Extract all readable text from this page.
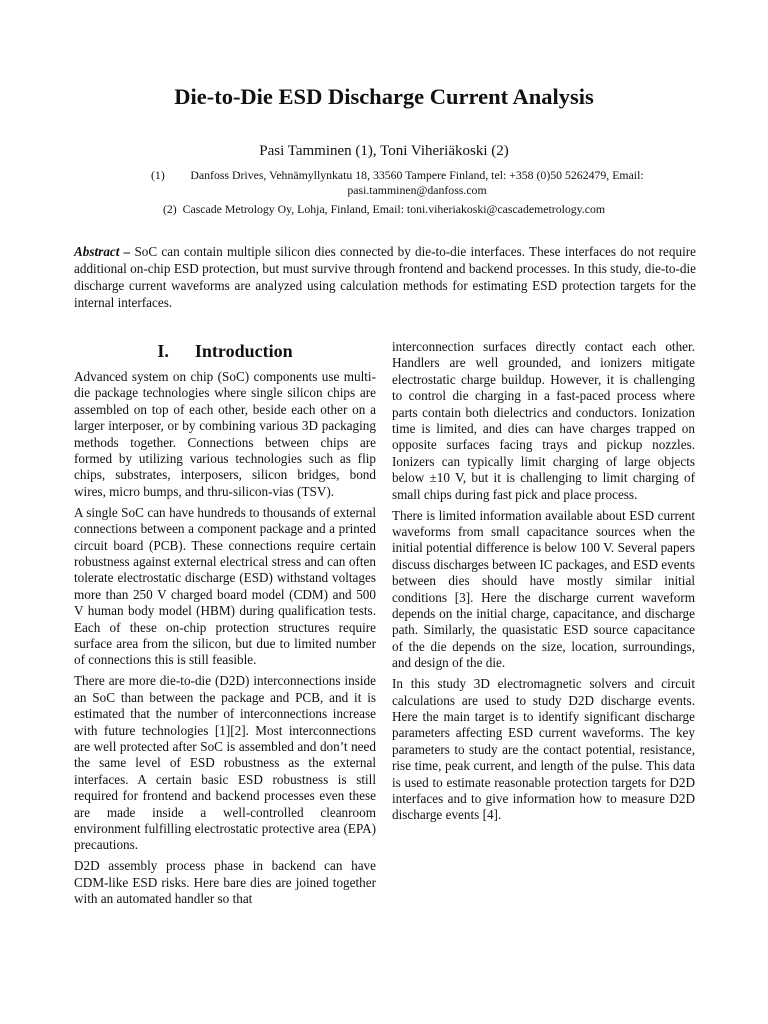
Die-to-Die ESD Discharge Current Analysis
Pasi Tamminen (1), Toni Viheriäkoski (2)
(1)	Danfoss Drives, Vehnämyllynkatu 18, 33560 Tampere Finland, tel: +358 (0)50 5262479, Email: pasi.tamminen@danfoss.com
(2) Cascade Metrology Oy, Lohja, Finland, Email: toni.viheriakoski@cascademetrology.com

Abstract – SoC can contain multiple silicon dies connected by die-to-die interfaces. These interfaces do not require additional on-chip ESD protection, but must survive through frontend and backend processes. In this study, die-to-die discharge current waveforms are analyzed using calculation methods for estimating ESD protection targets for the internal interfaces.

I. Introduction

Advanced system on chip (SoC) components use multi-die package technologies where single silicon chips are assembled on top of each other, beside each other on a larger interposer, or by combining various 3D packaging methods together. Connections between chips are formed by utilizing various technologies such as flip chips, substrates, interposers, silicon bridges, bond wires, micro bumps, and thru-silicon-vias (TSV).

A single SoC can have hundreds to thousands of external connections between a component package and a printed circuit board (PCB). These connections require certain robustness against external electrical stress and can often tolerate electrostatic discharge (ESD) withstand voltages more than 250 V charged board model (CDM) and 500 V human body model (HBM) during qualification tests. Each of these on-chip protection structures require surface area from the silicon, but due to limited number of connections this is still feasible.

There are more die-to-die (D2D) interconnections inside an SoC than between the package and PCB, and it is estimated that the number of interconnections increase with future technologies [1][2]. Most interconnections are well protected after SoC is assembled and don’t need the same level of ESD robustness as the external interfaces. A certain basic ESD robustness is still required for frontend and backend processes even these are made inside a well-controlled cleanroom environment fulfilling electrostatic protective area (EPA) precautions.

D2D assembly process phase in backend can have CDM-like ESD risks. Here bare dies are joined together with an automated handler so that

interconnection surfaces directly contact each other. Handlers are well grounded, and ionizers mitigate electrostatic charge buildup. However, it is challenging to control die charging in a fast-paced process where parts contain both dielectrics and conductors. Ionization time is limited, and dies can have charges trapped on opposite surfaces facing trays and pickup nozzles. Ionizers can typically limit charging of large objects below ±10 V, but it is challenging to limit charging of small chips during fast pick and place process.

There is limited information available about ESD current waveforms from small capacitance sources when the initial potential difference is below 100 V. Several papers discuss discharges between IC packages, and ESD events between dies should have mostly similar initial conditions [3]. Here the discharge current waveform depends on the initial charge, capacitance, and discharge path. Similarly, the quasistatic ESD source capacitance of the die depends on the size, location, surroundings, and design of the die.

In this study 3D electromagnetic solvers and circuit calculations are used to study D2D discharge events. Here the main target is to identify significant discharge parameters affecting ESD current waveforms. The key parameters to study are the contact potential, resistance, rise time, peak current, and length of the pulse. This data is used to estimate reasonable protection targets for D2D interfaces and to give information how to measure D2D discharge events [4].
